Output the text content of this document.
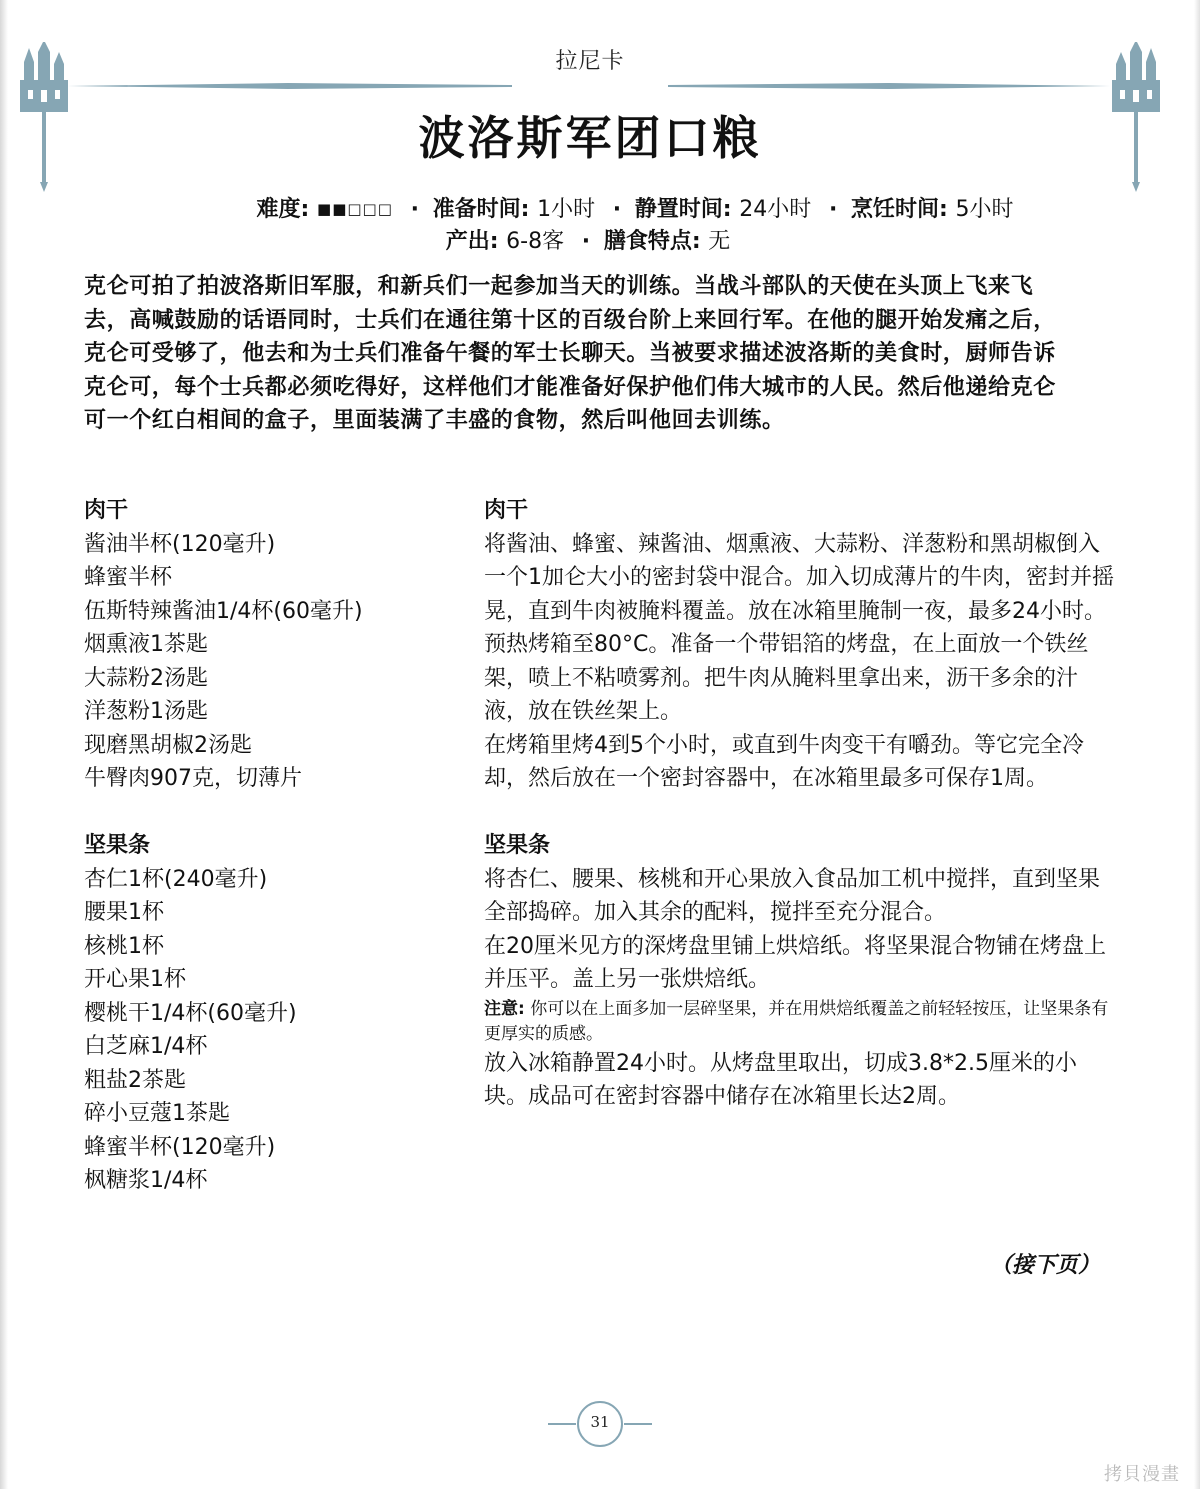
拉尼卡
波洛斯军团口粮
难度: ■■□□□ · 准备时间: 1小时 · 静置时间: 24小时 · 烹饪时间: 5小时
产出: 6-8客 · 膳食特点: 无
克仑可拍了拍波洛斯旧军服，和新兵们一起参加当天的训练。当战斗部队的天使在头顶上飞来飞去，高喊鼓励的话语同时，士兵们在通往第十区的百级台阶上来回行军。在他的腿开始发痛之后，克仑可受够了，他去和为士兵们准备午餐的军士长聊天。当被要求描述波洛斯的美食时，厨师告诉克仑可，每个士兵都必须吃得好，这样他们才能准备好保护他们伟大城市的人民。然后他递给克仑可一个红白相间的盒子，里面装满了丰盛的食物，然后叫他回去训练。
肉干
酱油半杯(120毫升)
蜂蜜半杯
伍斯特辣酱油1/4杯(60毫升)
烟熏液1茶匙
大蒜粉2汤匙
洋葱粉1汤匙
现磨黑胡椒2汤匙
牛臀肉907克，切薄片
坚果条
杏仁1杯(240毫升)
腰果1杯
核桃1杯
开心果1杯
樱桃干1/4杯(60毫升)
白芝麻1/4杯
粗盐2茶匙
碎小豆蔻1茶匙
蜂蜜半杯(120毫升)
枫糖浆1/4杯
肉干

将酱油、蜂蜜、辣酱油、烟熏液、大蒜粉、洋葱粉和黑胡椒倒入一个1加仑大小的密封袋中混合。加入切成薄片的牛肉，密封并摇晃，直到牛肉被腌料覆盖。放在冰箱里腌制一夜，最多24小时。

预热烤箱至80°C。准备一个带铝箔的烤盘，在上面放一个铁丝架，喷上不粘喷雾剂。把牛肉从腌料里拿出来，沥干多余的汁液，放在铁丝架上。

在烤箱里烤4到5个小时，或直到牛肉变干有嚼劲。等它完全冷却，然后放在一个密封容器中，在冰箱里最多可保存1周。

坚果条

将杏仁、腰果、核桃和开心果放入食品加工机中搅拌，直到坚果全部捣碎。加入其余的配料，搅拌至充分混合。

在20厘米见方的深烤盘里铺上烘焙纸。将坚果混合物铺在烤盘上并压平。盖上另一张烘焙纸。

注意: 你可以在上面多加一层碎坚果，并在用烘焙纸覆盖之前轻轻按压，让坚果条有更厚实的质感。

放入冰箱静置24小时。从烤盘里取出，切成3.8*2.5厘米的小块。成品可在密封容器中储存在冰箱里长达2周。

（接下页）
31
拷貝漫畫
